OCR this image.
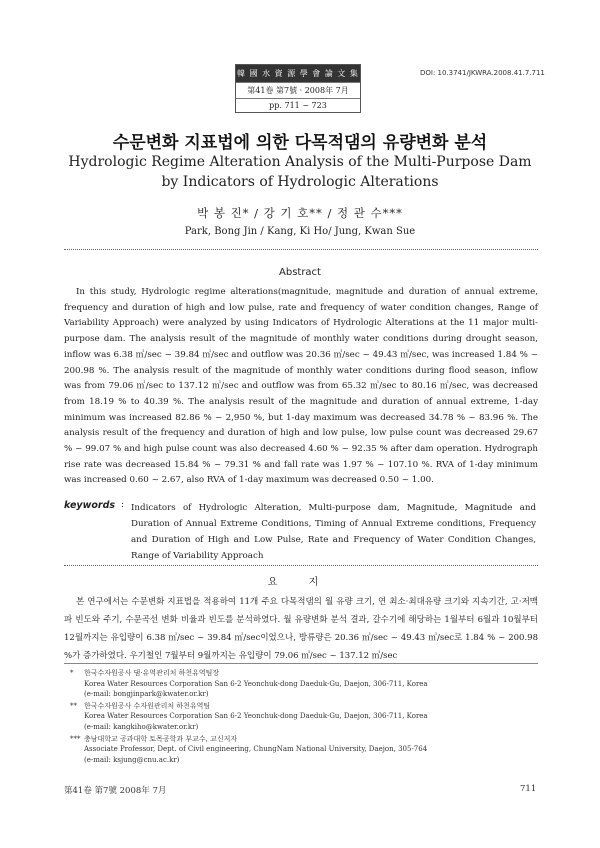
韓 國 水 資 源 學 會 論 文 集
第41卷 第7號 · 2008年 7月
pp. 711 ~ 723
DOI: 10.3741/JKWRA.2008.41.7.711
수문변화 지표법에 의한 다목적댐의 유량변화 분석
Hydrologic Regime Alteration Analysis of the Multi-Purpose Dam
by Indicators of Hydrologic Alterations
박 봉 진* / 강 기 호** / 정 관 수***
Park, Bong Jin / Kang, Ki Ho/ Jung, Kwan Sue
Abstract
In this study, Hydrologic regime alterations(magnitude, magnitude and duration of annual extreme, frequency and duration of high and low pulse, rate and frequency of water condition changes, Range of Variability Approach) were analyzed by using Indicators of Hydrologic Alterations at the 11 major multi-purpose dam. The analysis result of the magnitude of monthly water conditions during drought season, inflow was 6.38 ㎥/sec ~ 39.84 ㎥/sec and outflow was 20.36 ㎥/sec ~ 49.43 ㎥/sec, was increased 1.84 % ~ 200.98 %. The analysis result of the magnitude of monthly water conditions during flood season, inflow was from 79.06 ㎥/sec to 137.12 ㎥/sec and outflow was from 65.32 ㎥/sec to 80.16 ㎥/sec, was decreased from 18.19 % to 40.39 %. The analysis result of the magnitude and duration of annual extreme, 1-day minimum was increased 82.86 % ~ 2,950 %, but 1-day maximum was decreased 34.78 % ~ 83.96 %. The analysis result of the frequency and duration of high and low pulse, low pulse count was decreased 29.67 % ~ 99.07 % and high pulse count was also decreased 4.60 % ~ 92.35 % after dam operation. Hydrograph rise rate was decreased 15.84 % ~ 79.31 % and fall rate was 1.97 % ~ 107.10 %. RVA of 1-day minimum was increased 0.60 ~ 2.67, also RVA of 1-day maximum was decreased 0.50 ~ 1.00.
keywords : Indicators of Hydrologic Alteration, Multi-purpose dam, Magnitude, Magnitude and Duration of Annual Extreme Conditions, Timing of Annual Extreme conditions, Frequency and Duration of High and Low Pulse, Rate and Frequency of Water Condition Changes, Range of Variability Approach
요 지
본 연구에서는 수문변화 지표법을 적용하여 11개 주요 다목적댐의 월 유량 크기, 연 최소·최대유량 크기와 지속기간, 고·저맥파 빈도와 주기, 수문곡선 변화 비율과 빈도를 분석하였다. 월 유량변화 분석 결과, 갈수기에 해당하는 1월부터 6월과 10월부터 12월까지는 유입량이 6.38 ㎥/sec ~ 39.84 ㎥/sec이었으나, 방류량은 20.36 ㎥/sec ~ 49.43 ㎥/sec로 1.84 % ~ 200.98 %가 증가하였다. 우기철인 7월부터 9월까지는 유입량이 79.06 ㎥/sec ~ 137.12 ㎥/sec
* 한국수자원공사 댐·유역관리처 하천유역팀장
Korea Water Resources Corporation San 6-2 Yeonchuk-dong Daeduk-Gu, Daejon, 306-711, Korea
(e-mail: bongjinpark@kwater.or.kr)
** 한국수자원공사 수자원관리처 하천유역팀
Korea Water Resources Corporation San 6-2 Yeonchuk-dong Daeduk-Gu, Daejon, 306-711, Korea
(e-mail: kangkiho@kwater.or.kr)
*** 충남대학교 공과대학 토목공학과 부교수, 교신저자
Associate Professor, Dept. of Civil engineering, ChungNam National University, Daejon, 305-764
(e-mail: ksjung@cnu.ac.kr)
第41卷 第7號 2008年 7月	711
